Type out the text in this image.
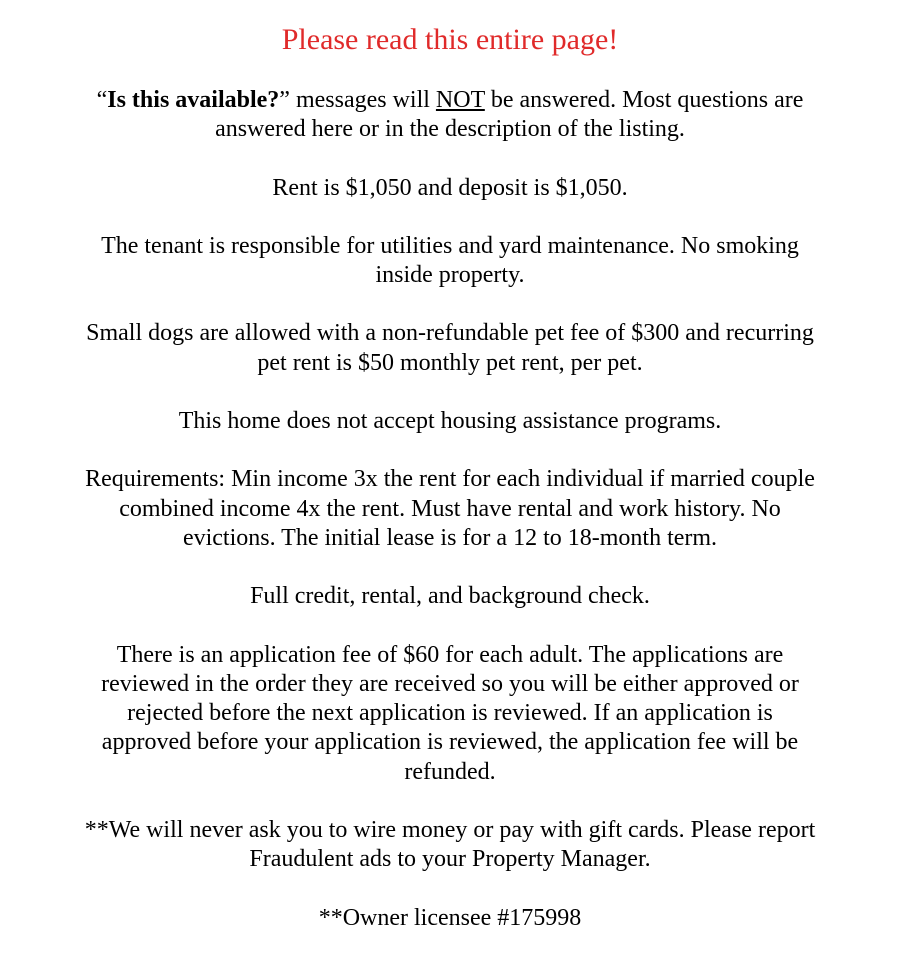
Please read this entire page!

“Is this available?” messages will NOT be answered. Most questions are answered here or in the description of the listing.

Rent is $1,050 and deposit is $1,050.

The tenant is responsible for utilities and yard maintenance. No smoking inside property.

Small dogs are allowed with a non-refundable pet fee of $300 and recurring pet rent is $50 monthly pet rent, per pet.

This home does not accept housing assistance programs.

Requirements: Min income 3x the rent for each individual if married couple combined income 4x the rent. Must have rental and work history. No evictions. The initial lease is for a 12 to 18-month term.

Full credit, rental, and background check.

There is an application fee of $60 for each adult. The applications are reviewed in the order they are received so you will be either approved or rejected before the next application is reviewed. If an application is approved before your application is reviewed, the application fee will be refunded.

**We will never ask you to wire money or pay with gift cards. Please report Fraudulent ads to your Property Manager.

**Owner licensee #175998
